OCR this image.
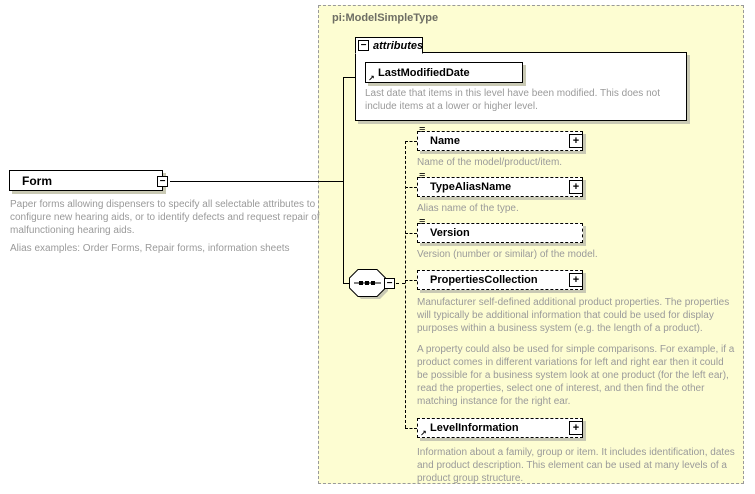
pi:ModelSimpleType
Form	−
Paper forms allowing dispensers to specify all selectable attributes to configure new hearing aids, or to identify defects and request repair of malfunctioning hearing aids.
Alias examples: Order Forms, Repair forms, information sheets
attributes
−
↗ LastModifiedDate
Last date that items in this level have been modified. This does not include items at a lower or higher level.
−
≡
Name	+
Name of the model/product/item.
≡
TypeAliasName	+
Alias name of the type.
≡
Version
Version (number or similar) of the model.
PropertiesCollection	+
Manufacturer self-defined additional product properties. The properties will typically be additional information that could be used for display purposes within a business system (e.g. the length of a product).
A property could also be used for simple comparisons. For example, if a product comes in different variations for left and right ear then it could be possible for a business system look at one product (for the left ear), read the properties, select one of interest, and then find the other matching instance for the right ear.
↗ LevelInformation	+
Information about a family, group or item. It includes identification, dates and product description. This element can be used at many levels of a product group structure.
